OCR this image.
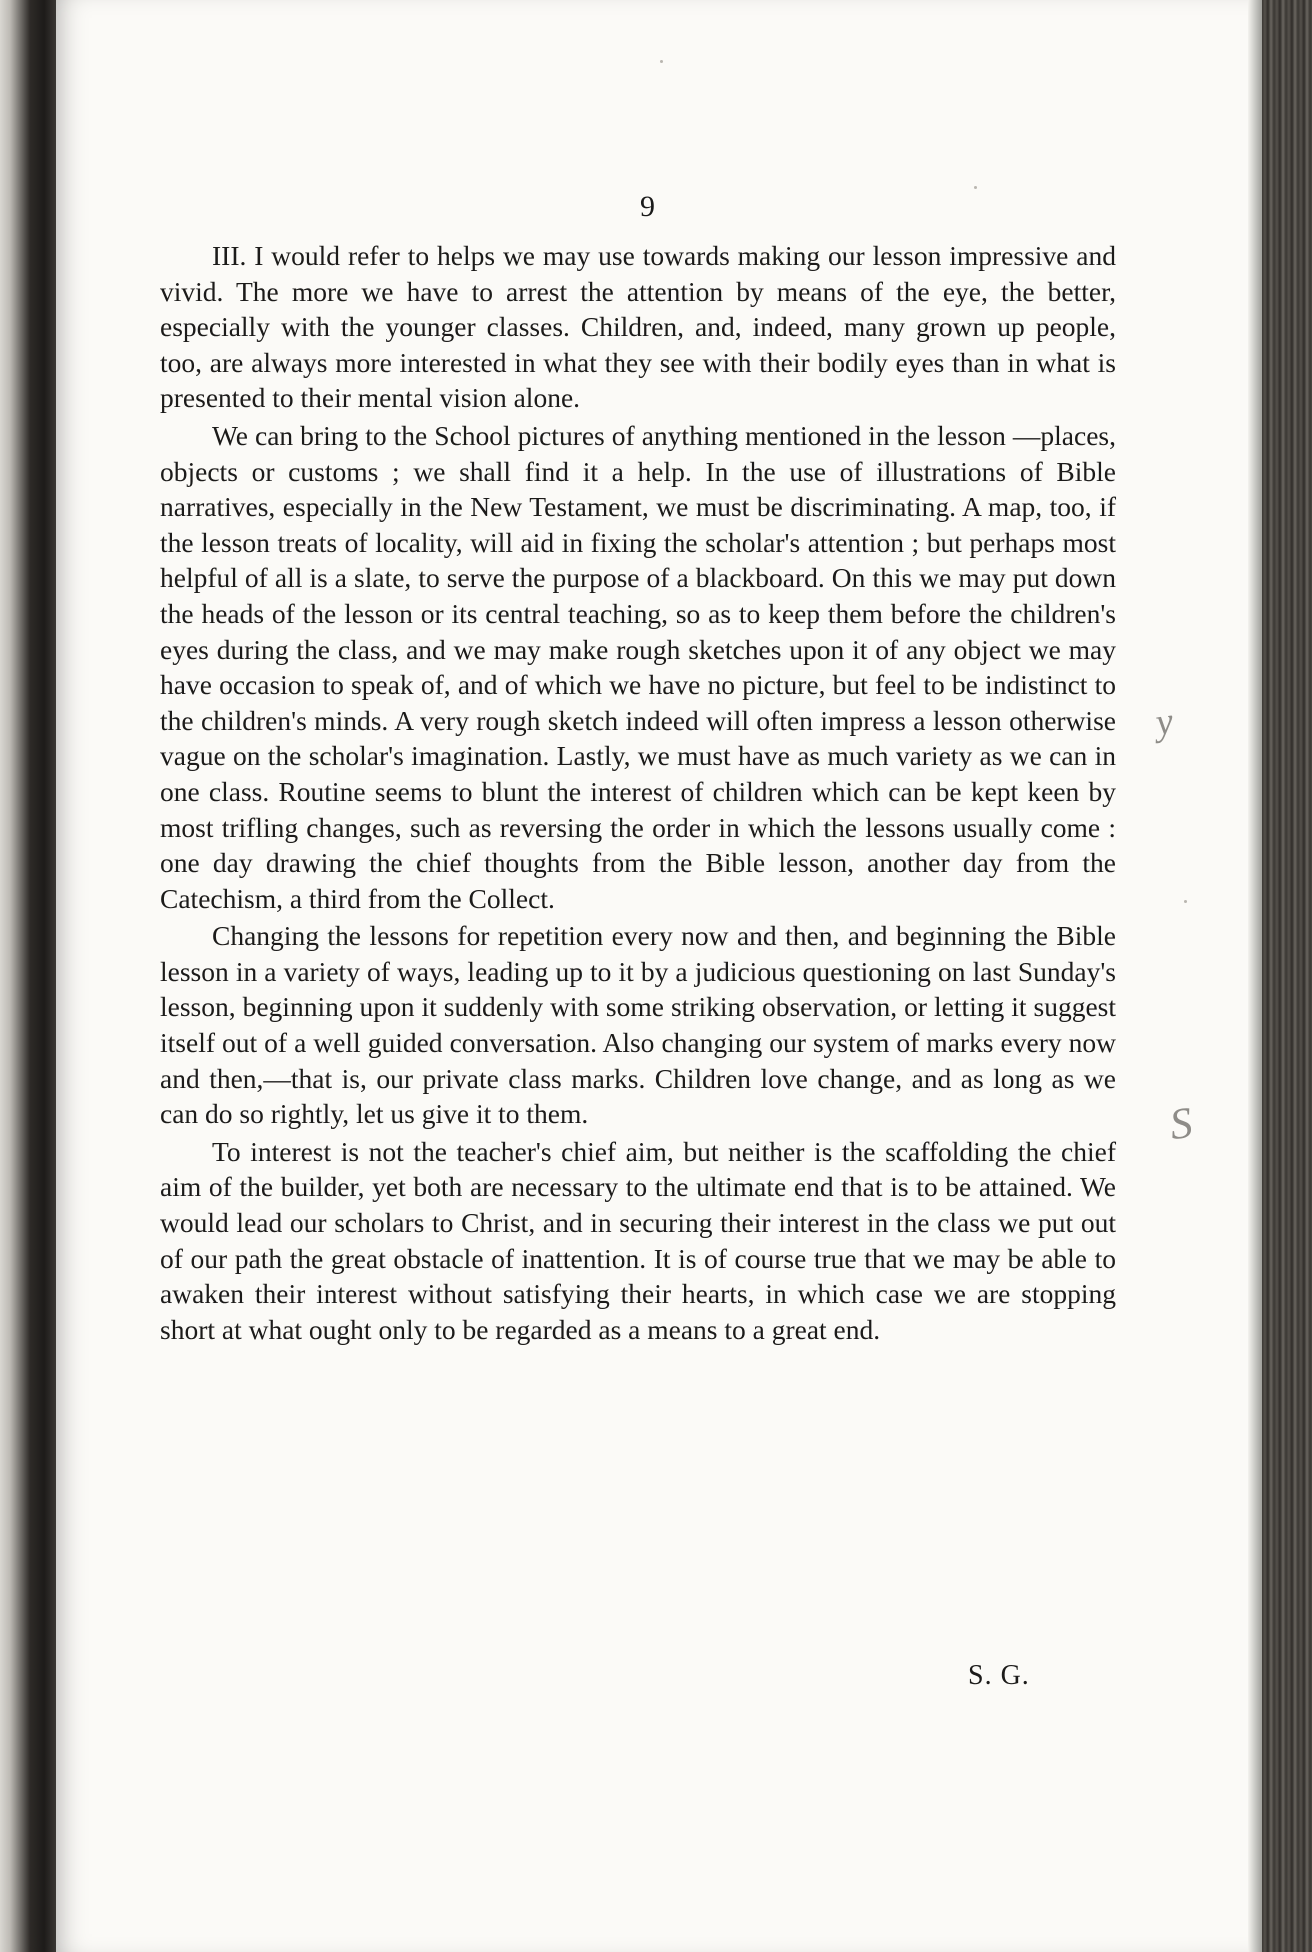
9

III. I would refer to helps we may use towards making our lesson impressive and vivid. The more we have to arrest the attention by means of the eye, the better, especially with the younger classes. Children, and, indeed, many grown up people, too, are always more interested in what they see with their bodily eyes than in what is presented to their mental vision alone.

We can bring to the School pictures of anything mentioned in the lesson —places, objects or customs ; we shall find it a help. In the use of illustrations of Bible narratives, especially in the New Testament, we must be discriminating. A map, too, if the lesson treats of locality, will aid in fixing the scholar's attention ; but perhaps most helpful of all is a slate, to serve the purpose of a blackboard. On this we may put down the heads of the lesson or its central teaching, so as to keep them before the children's eyes during the class, and we may make rough sketches upon it of any object we may have occasion to speak of, and of which we have no picture, but feel to be indistinct to the children's minds. A very rough sketch indeed will often impress a lesson otherwise vague on the scholar's imagination. Lastly, we must have as much variety as we can in one class. Routine seems to blunt the interest of children which can be kept keen by most trifling changes, such as reversing the order in which the lessons usually come : one day drawing the chief thoughts from the Bible lesson, another day from the Catechism, a third from the Collect.

Changing the lessons for repetition every now and then, and beginning the Bible lesson in a variety of ways, leading up to it by a judicious questioning on last Sunday's lesson, beginning upon it suddenly with some striking observation, or letting it suggest itself out of a well guided conversation. Also changing our system of marks every now and then,—that is, our private class marks. Children love change, and as long as we can do so rightly, let us give it to them.

To interest is not the teacher's chief aim, but neither is the scaffolding the chief aim of the builder, yet both are necessary to the ultimate end that is to be attained. We would lead our scholars to Christ, and in securing their interest in the class we put out of our path the great obstacle of inattention. It is of course true that we may be able to awaken their interest without satisfying their hearts, in which case we are stopping short at what ought only to be regarded as a means to a great end.

S. G.
y
S
